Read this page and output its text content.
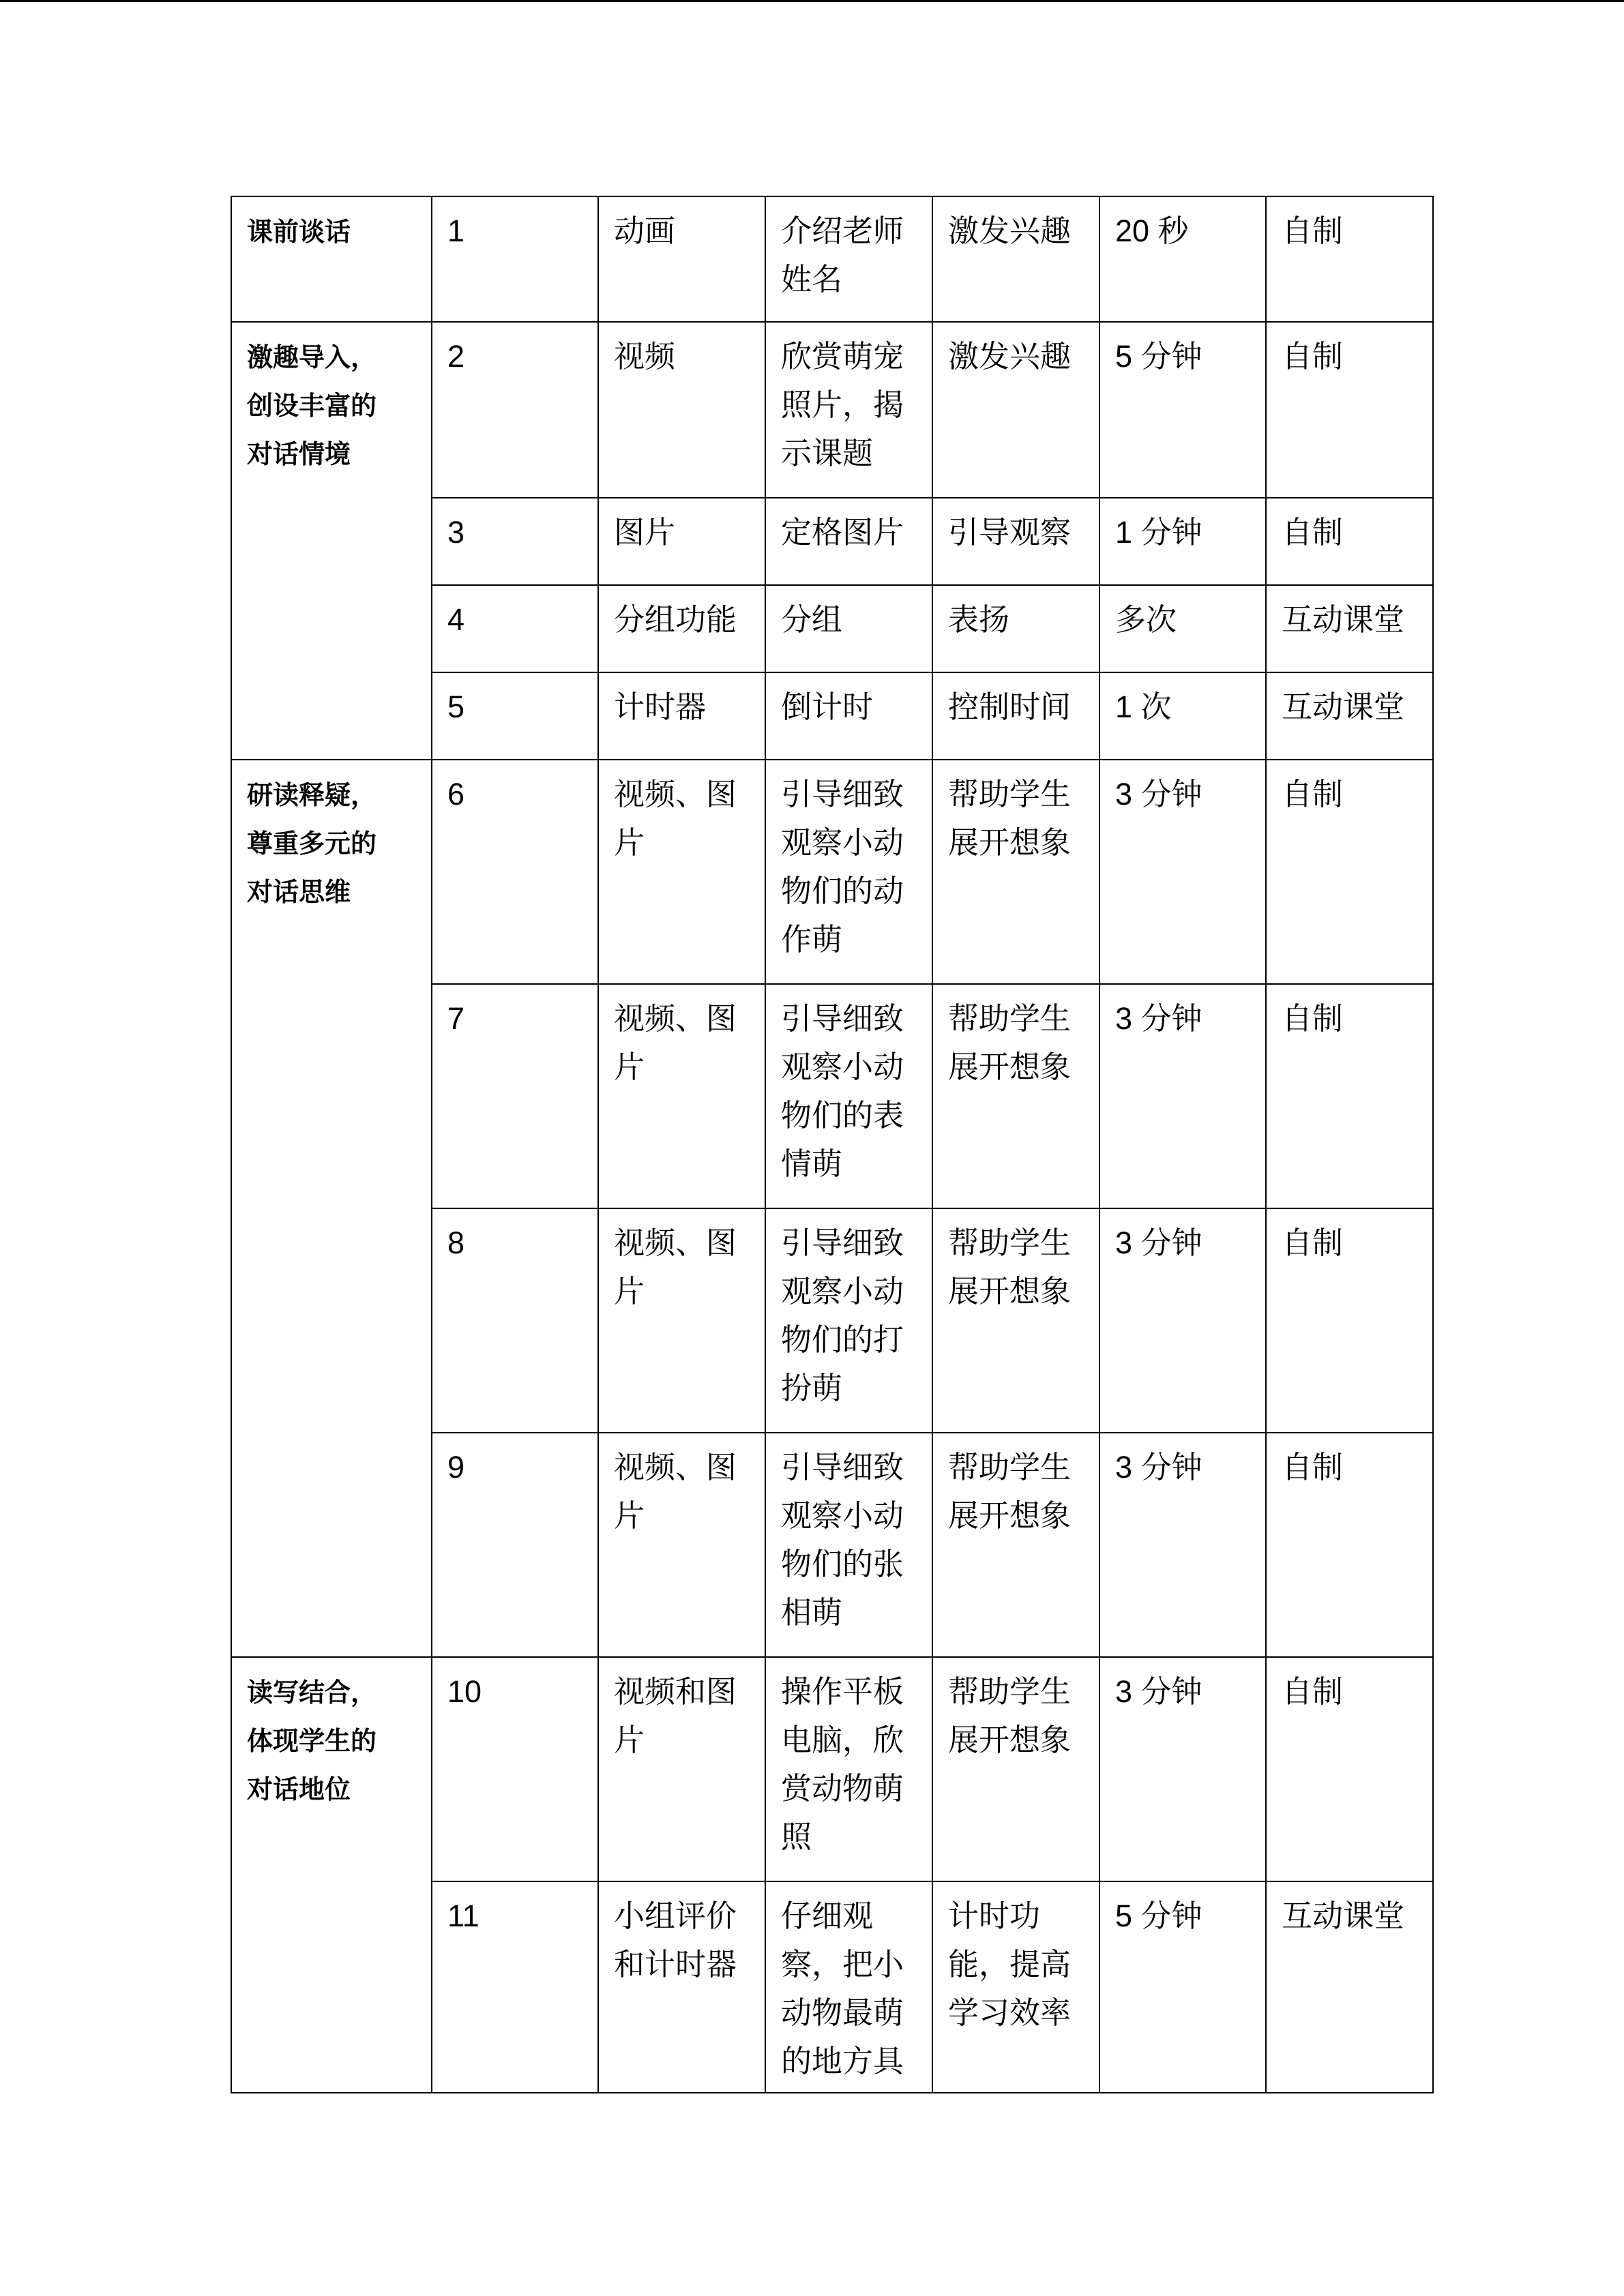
课前谈话	1	动画	介绍老师姓名	激发兴趣	20 秒	自制

激趣导入，
创设丰富的
对话情境	2	视频	欣赏萌宠照片，揭示课题	激发兴趣	5 分钟	自制
	3	图片	定格图片	引导观察	1 分钟	自制
	4	分组功能	分组	表扬	多次	互动课堂
	5	计时器	倒计时	控制时间	1 次	互动课堂

研读释疑，
尊重多元的
对话思维	6	视频、图片	引导细致观察小动物们的动作萌	帮助学生展开想象	3 分钟	自制
	7	视频、图片	引导细致观察小动物们的表情萌	帮助学生展开想象	3 分钟	自制
	8	视频、图片	引导细致观察小动物们的打扮萌	帮助学生展开想象	3 分钟	自制
	9	视频、图片	引导细致观察小动物们的张相萌	帮助学生展开想象	3 分钟	自制

读写结合，
体现学生的
对话地位	10	视频和图片	操作平板电脑，欣赏动物萌照	帮助学生展开想象	3 分钟	自制
	11	小组评价和计时器	仔细观察，把小动物最萌的地方具	计时功能，提高学习效率	5 分钟	互动课堂
